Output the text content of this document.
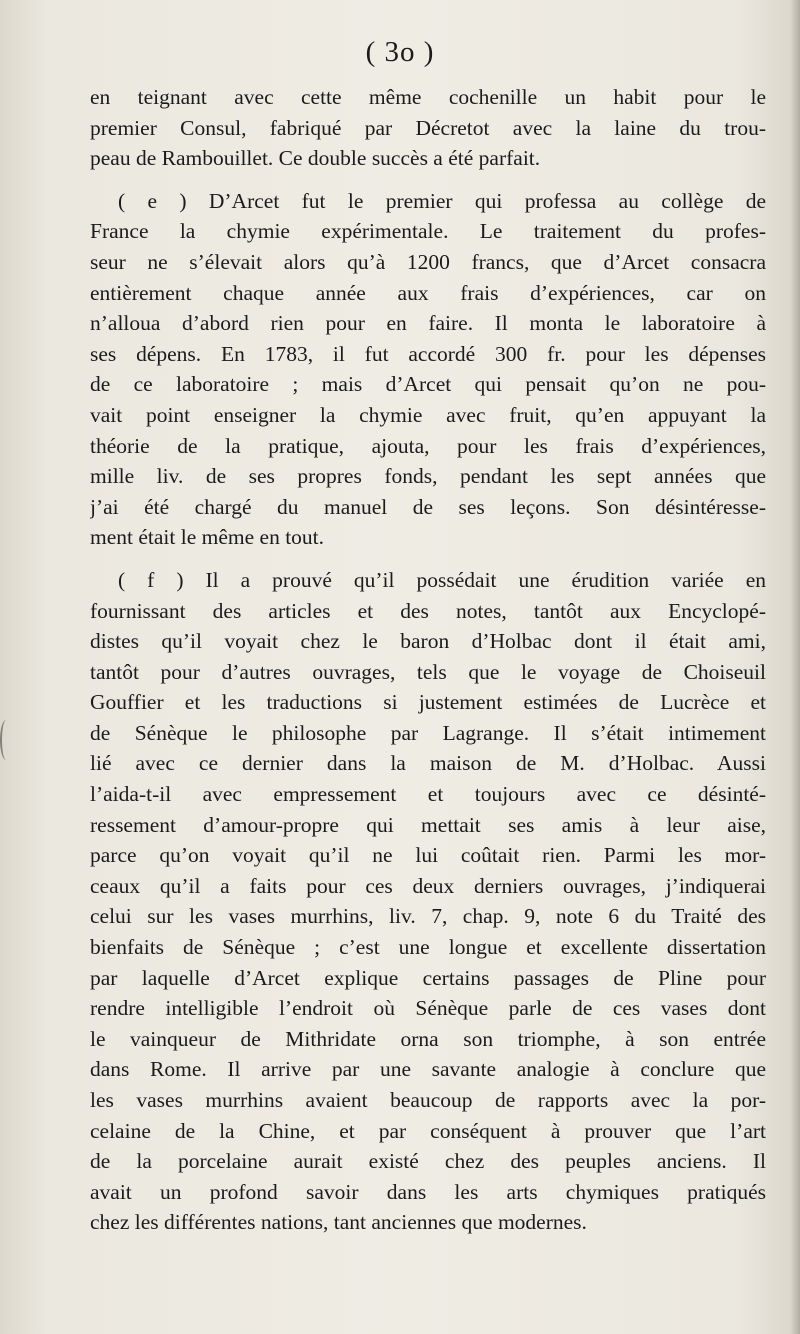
( 3o )
en teignant avec cette même cochenille un habit pour le
premier Consul, fabriqué par Décretot avec la laine du trou-
peau de Rambouillet. Ce double succès a été parfait.
( e ) D’Arcet fut le premier qui professa au collège de
France la chymie expérimentale. Le traitement du profes-
seur ne s’élevait alors qu’à 1200 francs, que d’Arcet consacra
entièrement chaque année aux frais d’expériences, car on
n’alloua d’abord rien pour en faire. Il monta le laboratoire à
ses dépens. En 1783, il fut accordé 300 fr. pour les dépenses
de ce laboratoire ; mais d’Arcet qui pensait qu’on ne pou-
vait point enseigner la chymie avec fruit, qu’en appuyant la
théorie de la pratique, ajouta, pour les frais d’expériences,
mille liv. de ses propres fonds, pendant les sept années que
j’ai été chargé du manuel de ses leçons. Son désintéresse-
ment était le même en tout.
( f ) Il a prouvé qu’il possédait une érudition variée en
fournissant des articles et des notes, tantôt aux Encyclopé-
distes qu’il voyait chez le baron d’Holbac dont il était ami,
tantôt pour d’autres ouvrages, tels que le voyage de Choiseuil
Gouffier et les traductions si justement estimées de Lucrèce et
de Sénèque le philosophe par Lagrange. Il s’était intimement
lié avec ce dernier dans la maison de M. d’Holbac. Aussi
l’aida-t-il avec empressement et toujours avec ce désinté-
ressement d’amour-propre qui mettait ses amis à leur aise,
parce qu’on voyait qu’il ne lui coûtait rien. Parmi les mor-
ceaux qu’il a faits pour ces deux derniers ouvrages, j’indiquerai
celui sur les vases murrhins, liv. 7, chap. 9, note 6 du Traité des
bienfaits de Sénèque ; c’est une longue et excellente dissertation
par laquelle d’Arcet explique certains passages de Pline pour
rendre intelligible l’endroit où Sénèque parle de ces vases dont
le vainqueur de Mithridate orna son triomphe, à son entrée
dans Rome. Il arrive par une savante analogie à conclure que
les vases murrhins avaient beaucoup de rapports avec la por-
celaine de la Chine, et par conséquent à prouver que l’art
de la porcelaine aurait existé chez des peuples anciens. Il
avait un profond savoir dans les arts chymiques pratiqués
chez les différentes nations, tant anciennes que modernes.
